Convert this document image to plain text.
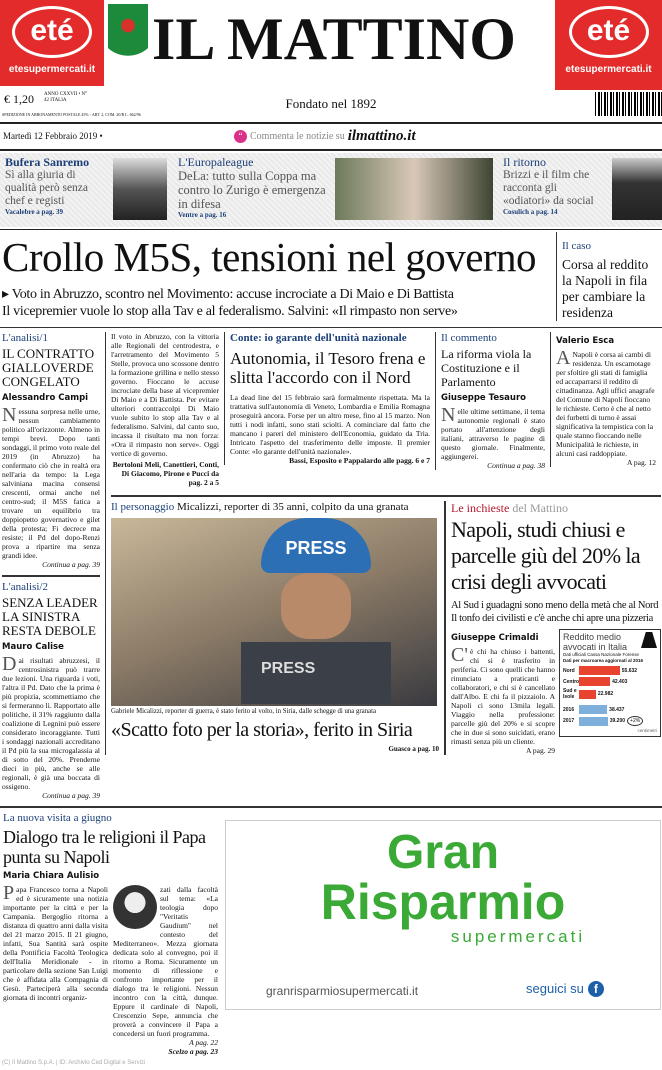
eté
etesupermercati.it IL MATTINO	eté
etesupermercati.it
€ 1,20 ANNO CXXVII • N° 42 ITALIA
SPEDIZIONE IN ABBONAMENTO POSTALE 45% - ART. 2, COM. 20/B L. 662/96
Fondato nel 1892
Martedì 12 Febbraio 2019 •	“ Commenta le notizie su ilmattino.it
Bufera Sanremo
Sì alla giuria di qualità però senza chef e registi
Vacalebre a pag. 39
L'Europaleague
DeLa: tutto sulla Coppa ma contro lo Zurigo è emergenza in difesa
Ventre a pag. 16
Il ritorno
Brizzi e il film che racconta gli «odiatori» da social
Cosulich a pag. 14
Crollo M5S, tensioni nel governo
▸ Voto in Abruzzo, scontro nel Movimento: accuse incrociate a Di Maio e Di Battista
Il vicepremier vuole lo stop alla Tav e al federalismo. Salvini: «Il rimpasto non serve»
Il caso
Corsa al reddito la Napoli in fila per cambiare la residenza
L'analisi/1
IL CONTRATTO GIALLOVERDE CONGELATO
Alessandro Campi
Nessuna sorpresa nelle urne, nessun cambiamento politico all'orizzonte. Almeno in tempi brevi. Dopo tanti sondaggi, il primo voto reale del 2019 (in Abruzzo) ha confermato ciò che in realtà era nell'aria da tempo: la Lega salviniana macina consensi crescenti, ormai anche nel centro-sud; il M5S fatica a trovare un equilibrio tra doppiopetto governativo e gilet della protesta; Fi decrece ma resiste; il Pd del dopo-Renzi prova a ripartire ma senza grandi idee.
Continua a pag. 39
L'analisi/2
SENZA LEADER LA SINISTRA RESTA DEBOLE
Mauro Calise
Dai risultati abruzzesi, il centrosinistra può trarre due lezioni. Una riguarda i voti, l'altra il Pd. Dato che la prima è più propizia, scommettiamo che si fermeranno lì. Rapportato alle politiche, il 31% raggiunto dalla coalizione di Legnini può essere considerato incoraggiante. Tutti i sondaggi nazionali accreditano il Pd più la sua microgalassia al di sotto del 20%. Prenderne dieci in più, anche se alle regionali, è già una boccata di ossigeno.
Continua a pag. 39
Il voto in Abruzzo, con la vittoria alle Regionali del centrodestra, e l'arretramento del Movimento 5 Stelle, provoca uno scossone dentro la formazione grillina e nello stesso governo. Fioccano le accuse incrociate della base al vicepremier Di Maio e a Di Battista. Per evitare ulteriori contraccolpi Di Maio vuole subito lo stop alla Tav e al federalismo. Salvini, dal canto suo, incassa il risultato ma non forza: «Ora il rimpasto non serve». Oggi vertice di governo.
Bertoloni Meli, Canettieri, Conti, Di Giacomo, Pirone e Pucci da pag. 2 a 5
Conte: io garante dell'unità nazionale
Autonomia, il Tesoro frena e slitta l'accordo con il Nord
La dead line del 15 febbraio sarà formalmente rispettata. Ma la trattativa sull'autonomia di Veneto, Lombardia e Emilia Romagna proseguirà ancora. Forse per un altro mese, fino al 15 marzo. Non tutti i nodi infatti, sono stati sciolti. A cominciare dal fatto che mancano i pareri del ministero dell'Economia, guidato da Tria. Intricato l'aspetto del trasferimento delle imposte. Il premier Conte: «Io garante dell'unità nazionale».
Bassi, Esposito e Pappalardo alle pagg. 6 e 7
Il commento
La riforma viola la Costituzione e il Parlamento
Giuseppe Tesauro
Nelle ultime settimane, il tema autonomie regionali è stato portato all'attenzione degli italiani, attraverso le pagine di questo giornale. Finalmente, aggiungerei.
Continua a pag. 38
Valerio Esca
ANapoli è corsa ai cambi di residenza. Un escamotage per sfoltire gli stati di famiglia ed accaparrarsi il reddito di cittadinanza. Agli uffici anagrafe del Comune di Napoli fioccano le richieste. Certo è che al netto dei furbetti di turno è assai significativa la tempistica con la quale stanno fioccando nelle Municipalità le richieste, in alcuni casi raddoppiate.
A pag. 12
Il personaggio Micalizzi, reporter di 35 anni, colpito da una granata
PRESS
PRESS
Gabriele Micalizzi, reporter di guerra, è stato ferito al volto, in Siria, dalle schegge di una granata
«Scatto foto per la storia», ferito in Siria
Guasco a pag. 10
Le inchieste del Mattino
Napoli, studi chiusi e parcelle giù del 20% la crisi degli avvocati
Al Sud i guadagni sono meno della metà che al Nord
Il tonfo dei civilisti e c'è anche chi apre una pizzeria
Giuseppe Crimaldi
C'è chi ha chiuso i battenti, chi si è trasferito in periferia. Ci sono quelli che hanno rinunciato a praticanti e collaboratori, e chi si è cancellato dall'Albo. E chi fa il pizzaiolo. A Napoli ci sono 13mila legali. Viaggio nella professione: parcelle giù del 20% e si scopre che in due si sono suicidati, erano rimasti senza più un cliente.
A pag. 29
Reddito medio avvocati in Italia
Dati ufficiali Cassa Nazionale Forense
Dati per macroarea aggiornati al 2016
Nord	55.632
Centro	42.403
Sud e Isole	22.982
2016	38.437
2017	39.200	+2%
centimetri
La nuova visita a giugno
Dialogo tra le religioni il Papa punta su Napoli
Maria Chiara Aulisio
Papa Francesco torna a Napoli ed è sicuramente una notizia importante per la città e per la Campania. Bergoglio ritorna a distanza di quattro anni dalla visita del 21 marzo 2015. Il 21 giugno, infatti, Sua Santità sarà ospite della Pontificia Facoltà Teologica dell'Italia Meridionale - in particolare della sezione San Luigi che è affidata alla Compagnia di Gesù. Parteciperà alla seconda giornata di incontri organiz-
zati dalla facoltà sul tema: «La teologia dopo "Veritatis Gaudium" nel contesto del Mediterraneo». Mezza giornata dedicata solo al convegno, poi il ritorno a Roma. Sicuramente un momento di riflessione e confronto importante per il dialogo tra le religioni. Nessun incontro con la città, dunque. Eppure il cardinale di Napoli, Crescenzio Sepe, annuncia che proverà a convincere il Papa a concedersi un fuori programma.
A pag. 22
Scelzo a pag. 23
Gran
Risparmio
supermercati
granrisparmiosupermercati.it	seguici su f
(C) Il Mattino S.p.A. | ID: Archivio Ced Digital e Servizi
